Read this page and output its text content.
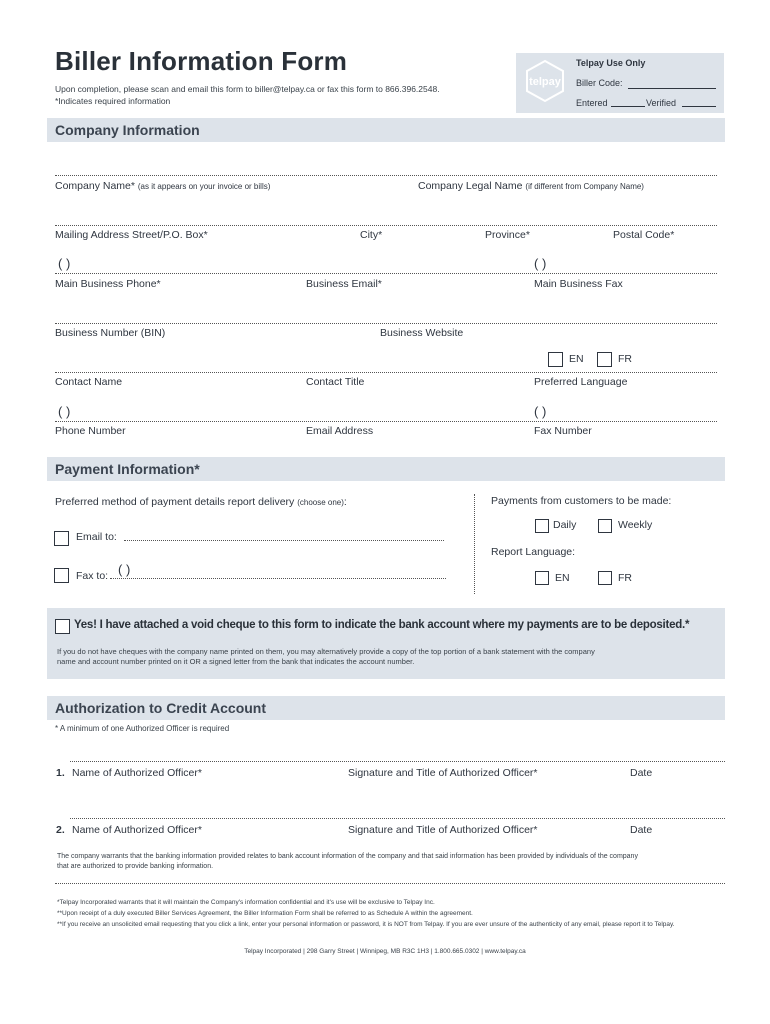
Biller Information Form
Upon completion, please scan and email this form to biller@telpay.ca or fax this form to 866.396.2548.
*Indicates required information
telpay
Telpay Use Only
Biller Code:
Entered	Verified
Company Information
Company Name* (as it appears on your invoice or bills)	Company Legal Name (if different from Company Name)
Mailing Address Street/P.O. Box*	City*	Province*	Postal Code*
( )	( )
Main Business Phone*	Business Email*	Main Business Fax
Business Number (BIN)	Business Website
EN	FR
Contact Name	Contact Title	Preferred Language
( )	( )
Phone Number	Email Address	Fax Number
Payment Information*
Preferred method of payment details report delivery (choose one):
Email to:
( )
Fax to:
Payments from customers to be made:
Daily	Weekly
Report Language:
EN	FR
Yes! I have attached a void cheque to this form to indicate the bank account where my payments are to be deposited.*
If you do not have cheques with the company name printed on them, you may alternatively provide a copy of the top portion of a bank statement with the company
name and account number printed on it OR a signed letter from the bank that indicates the account number.
Authorization to Credit Account
* A minimum of one Authorized Officer is required
1. Name of Authorized Officer*	Signature and Title of Authorized Officer*	Date
2. Name of Authorized Officer*	Signature and Title of Authorized Officer*	Date
The company warrants that the banking information provided relates to bank account information of the company and that said information has been provided by individuals of the company
that are authorized to provide banking information.
*Telpay Incorporated warrants that it will maintain the Company's information confidential and it's use will be exclusive to Telpay Inc.
**Upon receipt of a duly executed Biller Services Agreement, the Biller Information Form shall be referred to as Schedule A within the agreement.
**If you receive an unsolicited email requesting that you click a link, enter your personal information or password, it is NOT from Telpay. If you are ever unsure of the authenticity of any email, please report it to Telpay.
Telpay Incorporated | 298 Garry Street | Winnipeg, MB R3C 1H3 | 1.800.665.0302 | www.telpay.ca
